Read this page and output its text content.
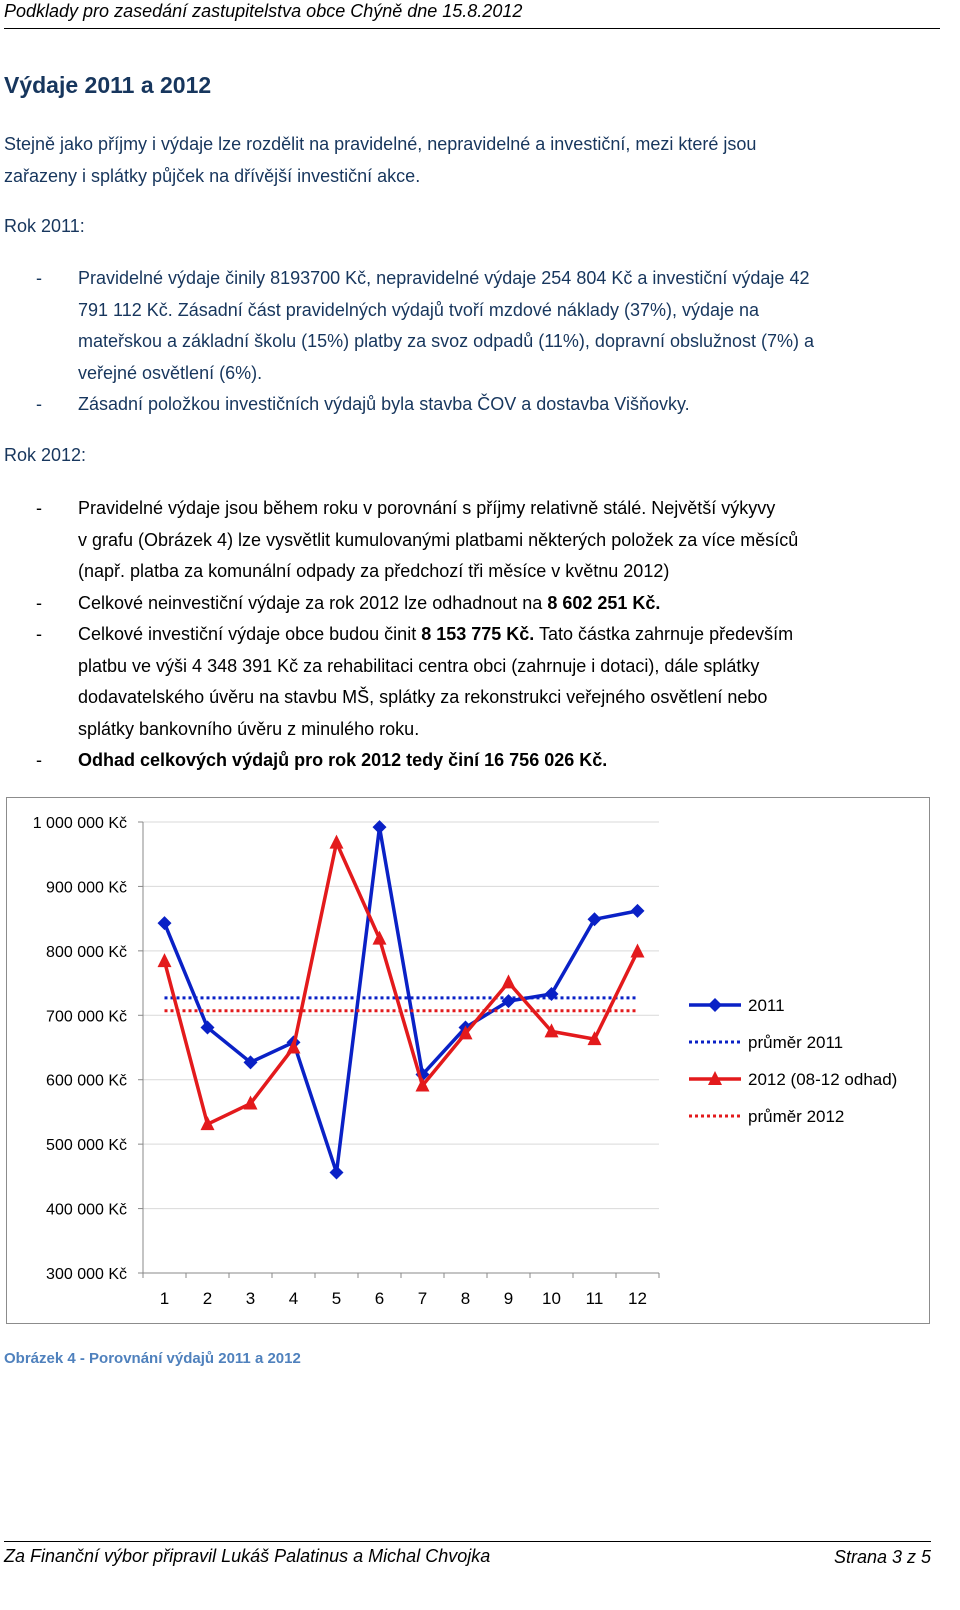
Podklady pro zasedání zastupitelstva obce Chýně dne 15.8.2012
Výdaje 2011 a 2012
Stejně jako příjmy i výdaje lze rozdělit na pravidelné, nepravidelné a investiční, mezi které jsou
zařazeny i splátky půjček na dřívější investiční akce.
Rok 2011:
- Pravidelné výdaje činily 8193700 Kč, nepravidelné výdaje 254 804 Kč a investiční výdaje 42
791 112 Kč. Zásadní část pravidelných výdajů tvoří mzdové náklady (37%), výdaje na
mateřskou a základní školu (15%) platby za svoz odpadů (11%), dopravní obslužnost (7%) a
veřejné osvětlení (6%).
- Zásadní položkou investičních výdajů byla stavba ČOV a dostavba Višňovky.
Rok 2012:
- Pravidelné výdaje jsou během roku v porovnání s příjmy relativně stálé. Největší výkyvy
v grafu (Obrázek 4) lze vysvětlit kumulovanými platbami některých položek za více měsíců
(např. platba za komunální odpady za předchozí tři měsíce v květnu 2012)
- Celkové neinvestiční výdaje za rok 2012 lze odhadnout na 8 602 251 Kč.
- Celkové investiční výdaje obce budou činit 8 153 775 Kč. Tato částka zahrnuje především
platbu ve výši 4 348 391 Kč za rehabilitaci centra obci (zahrnuje i dotaci), dále splátky
dodavatelského úvěru na stavbu MŠ, splátky za rekonstrukci veřejného osvětlení nebo
splátky bankovního úvěru z minulého roku.
- Odhad celkových výdajů pro rok 2012 tedy činí 16 756 026 Kč.
300 000 Kč
400 000 Kč
500 000 Kč
600 000 Kč
700 000 Kč
800 000 Kč
900 000 Kč
1 000 000 Kč
1 2 3 4 5 6 7 8 9 10 11 12
2011
průměr 2011
2012 (08-12 odhad)
průměr 2012
Obrázek 4 - Porovnání výdajů 2011 a 2012
Za Finanční výbor připravil Lukáš Palatinus a Michal Chvojka	Strana 3 z 5
